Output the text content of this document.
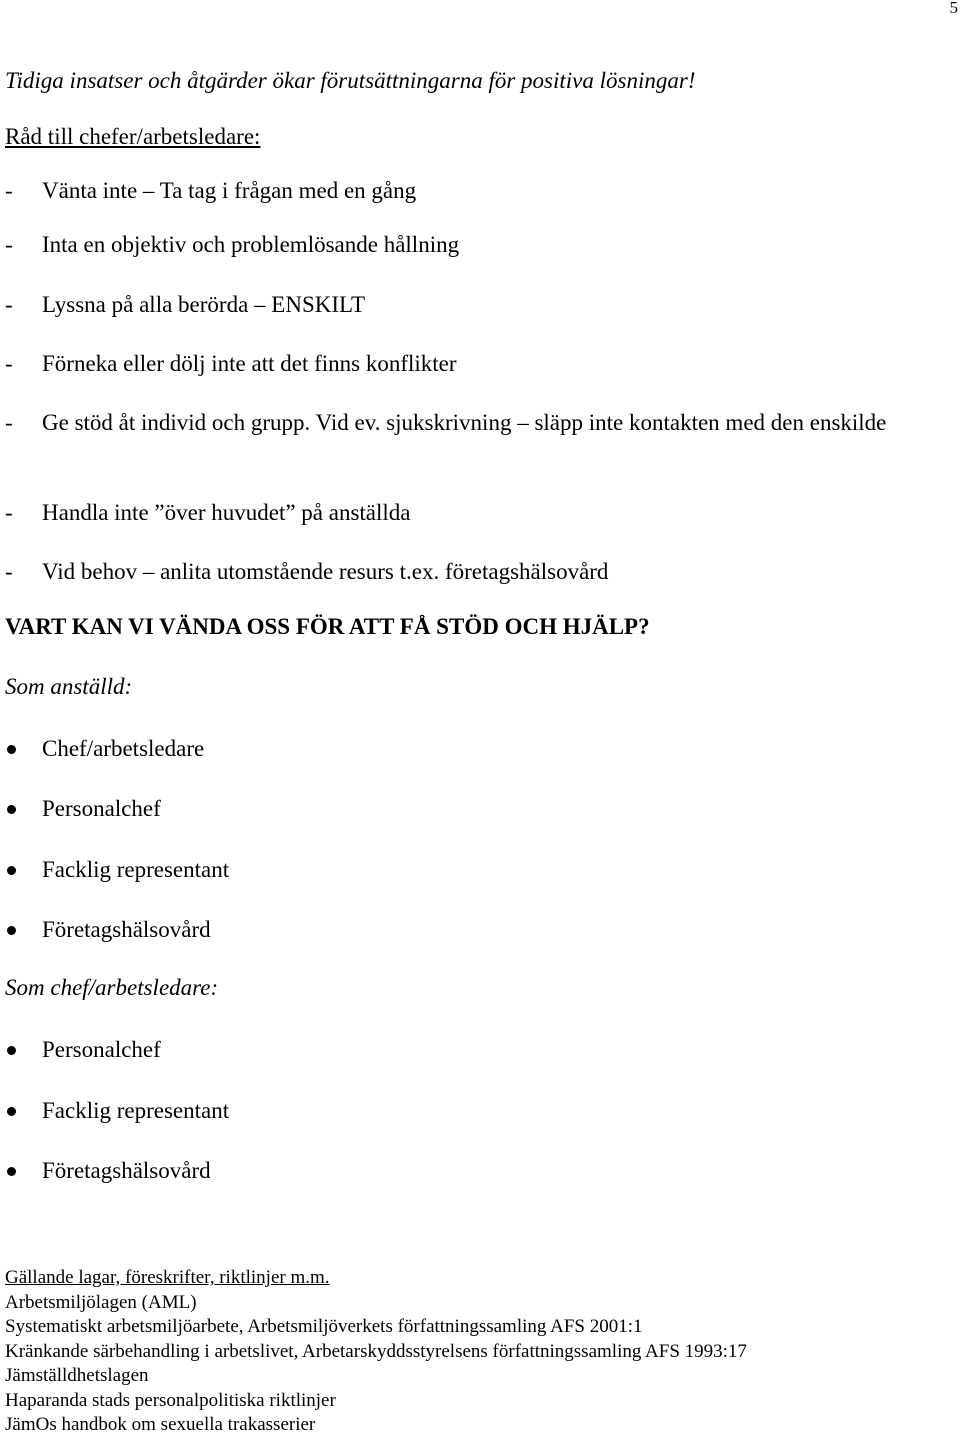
5
Tidiga insatser och åtgärder ökar förutsättningarna för positiva lösningar!
Råd till chefer/arbetsledare:
- Vänta inte – Ta tag i frågan med en gång
- Inta en objektiv och problemlösande hållning
- Lyssna på alla berörda – ENSKILT
- Förneka eller dölj inte att det finns konflikter
- Ge stöd åt individ och grupp. Vid ev. sjukskrivning – släpp inte kontakten med den enskilde
- Handla inte ”över huvudet” på anställda
- Vid behov – anlita utomstående resurs t.ex. företagshälsovård
VART KAN VI VÄNDA OSS FÖR ATT FÅ STÖD OCH HJÄLP?
Som anställd:
Chef/arbetsledare
Personalchef
Facklig representant
Företagshälsovård
Som chef/arbetsledare:
Personalchef
Facklig representant
Företagshälsovård
Gällande lagar, föreskrifter, riktlinjer m.m.
Arbetsmiljölagen (AML)
Systematiskt arbetsmiljöarbete, Arbetsmiljöverkets författningssamling AFS 2001:1
Kränkande särbehandling i arbetslivet, Arbetarskyddsstyrelsens författningssamling AFS 1993:17
Jämställdhetslagen
Haparanda stads personalpolitiska riktlinjer
JämOs handbok om sexuella trakasserier
